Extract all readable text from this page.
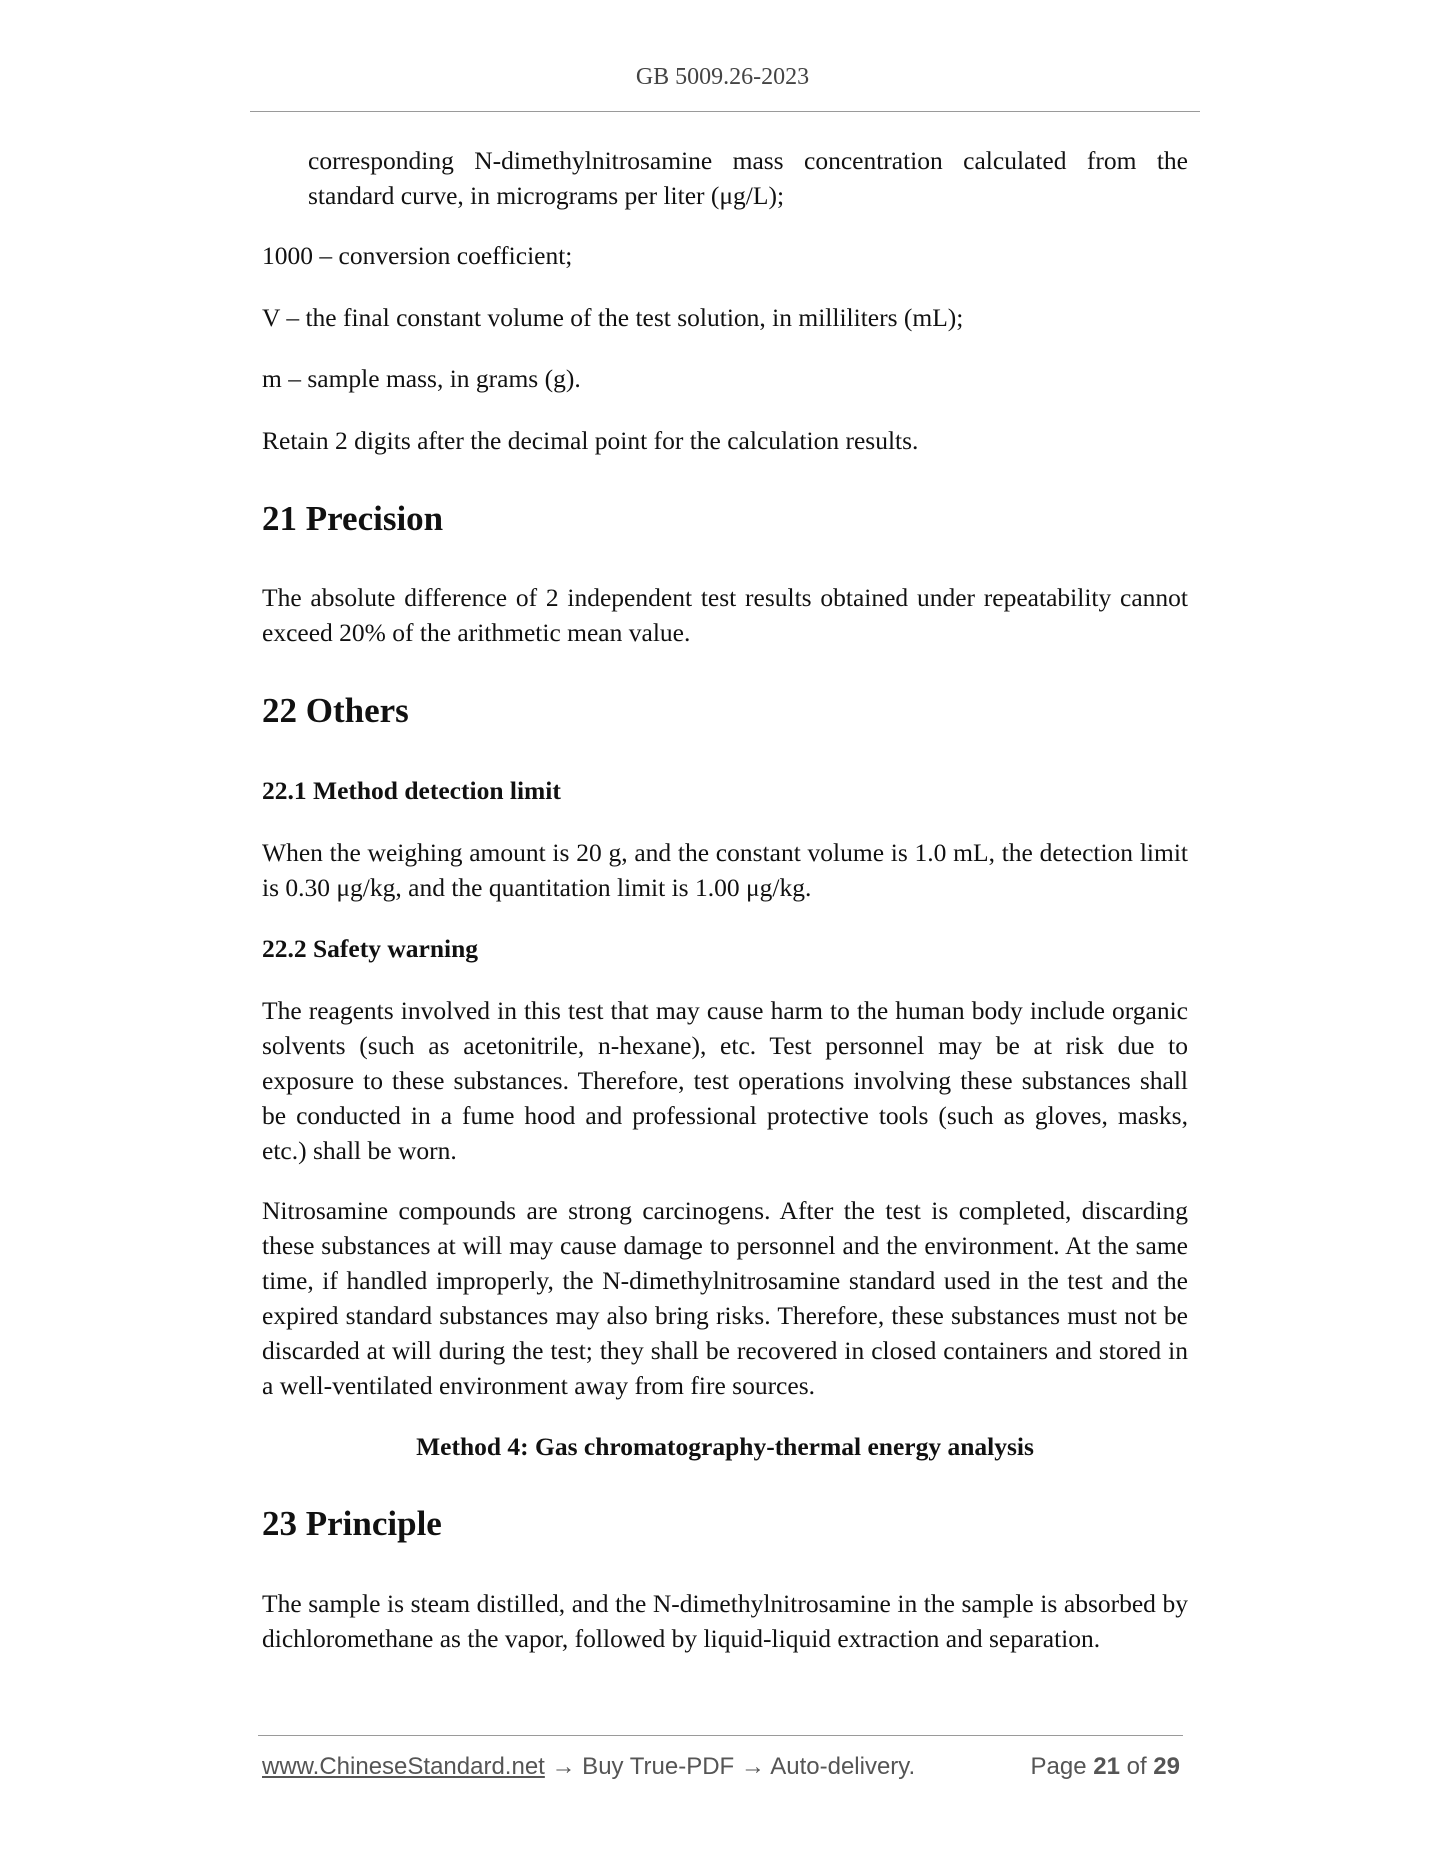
GB 5009.26-2023

corresponding N-dimethylnitrosamine mass concentration calculated from the standard curve, in micrograms per liter (μg/L);

1000 – conversion coefficient;

V – the final constant volume of the test solution, in milliliters (mL);

m – sample mass, in grams (g).

Retain 2 digits after the decimal point for the calculation results.

21 Precision

The absolute difference of 2 independent test results obtained under repeatability cannot exceed 20% of the arithmetic mean value.

22 Others
22.1 Method detection limit

When the weighing amount is 20 g, and the constant volume is 1.0 mL, the detection limit is 0.30 μg/kg, and the quantitation limit is 1.00 μg/kg.

22.2 Safety warning

The reagents involved in this test that may cause harm to the human body include organic solvents (such as acetonitrile, n-hexane), etc. Test personnel may be at risk due to exposure to these substances. Therefore, test operations involving these substances shall be conducted in a fume hood and professional protective tools (such as gloves, masks, etc.) shall be worn.

Nitrosamine compounds are strong carcinogens. After the test is completed, discarding these substances at will may cause damage to personnel and the environment. At the same time, if handled improperly, the N-dimethylnitrosamine standard used in the test and the expired standard substances may also bring risks. Therefore, these substances must not be discarded at will during the test; they shall be recovered in closed containers and stored in a well-ventilated environment away from fire sources.

Method 4: Gas chromatography-thermal energy analysis

23 Principle

The sample is steam distilled, and the N-dimethylnitrosamine in the sample is absorbed by dichloromethane as the vapor, followed by liquid-liquid extraction and separation.

www.ChineseStandard.net → Buy True-PDF → Auto-delivery.	Page 21 of 29
